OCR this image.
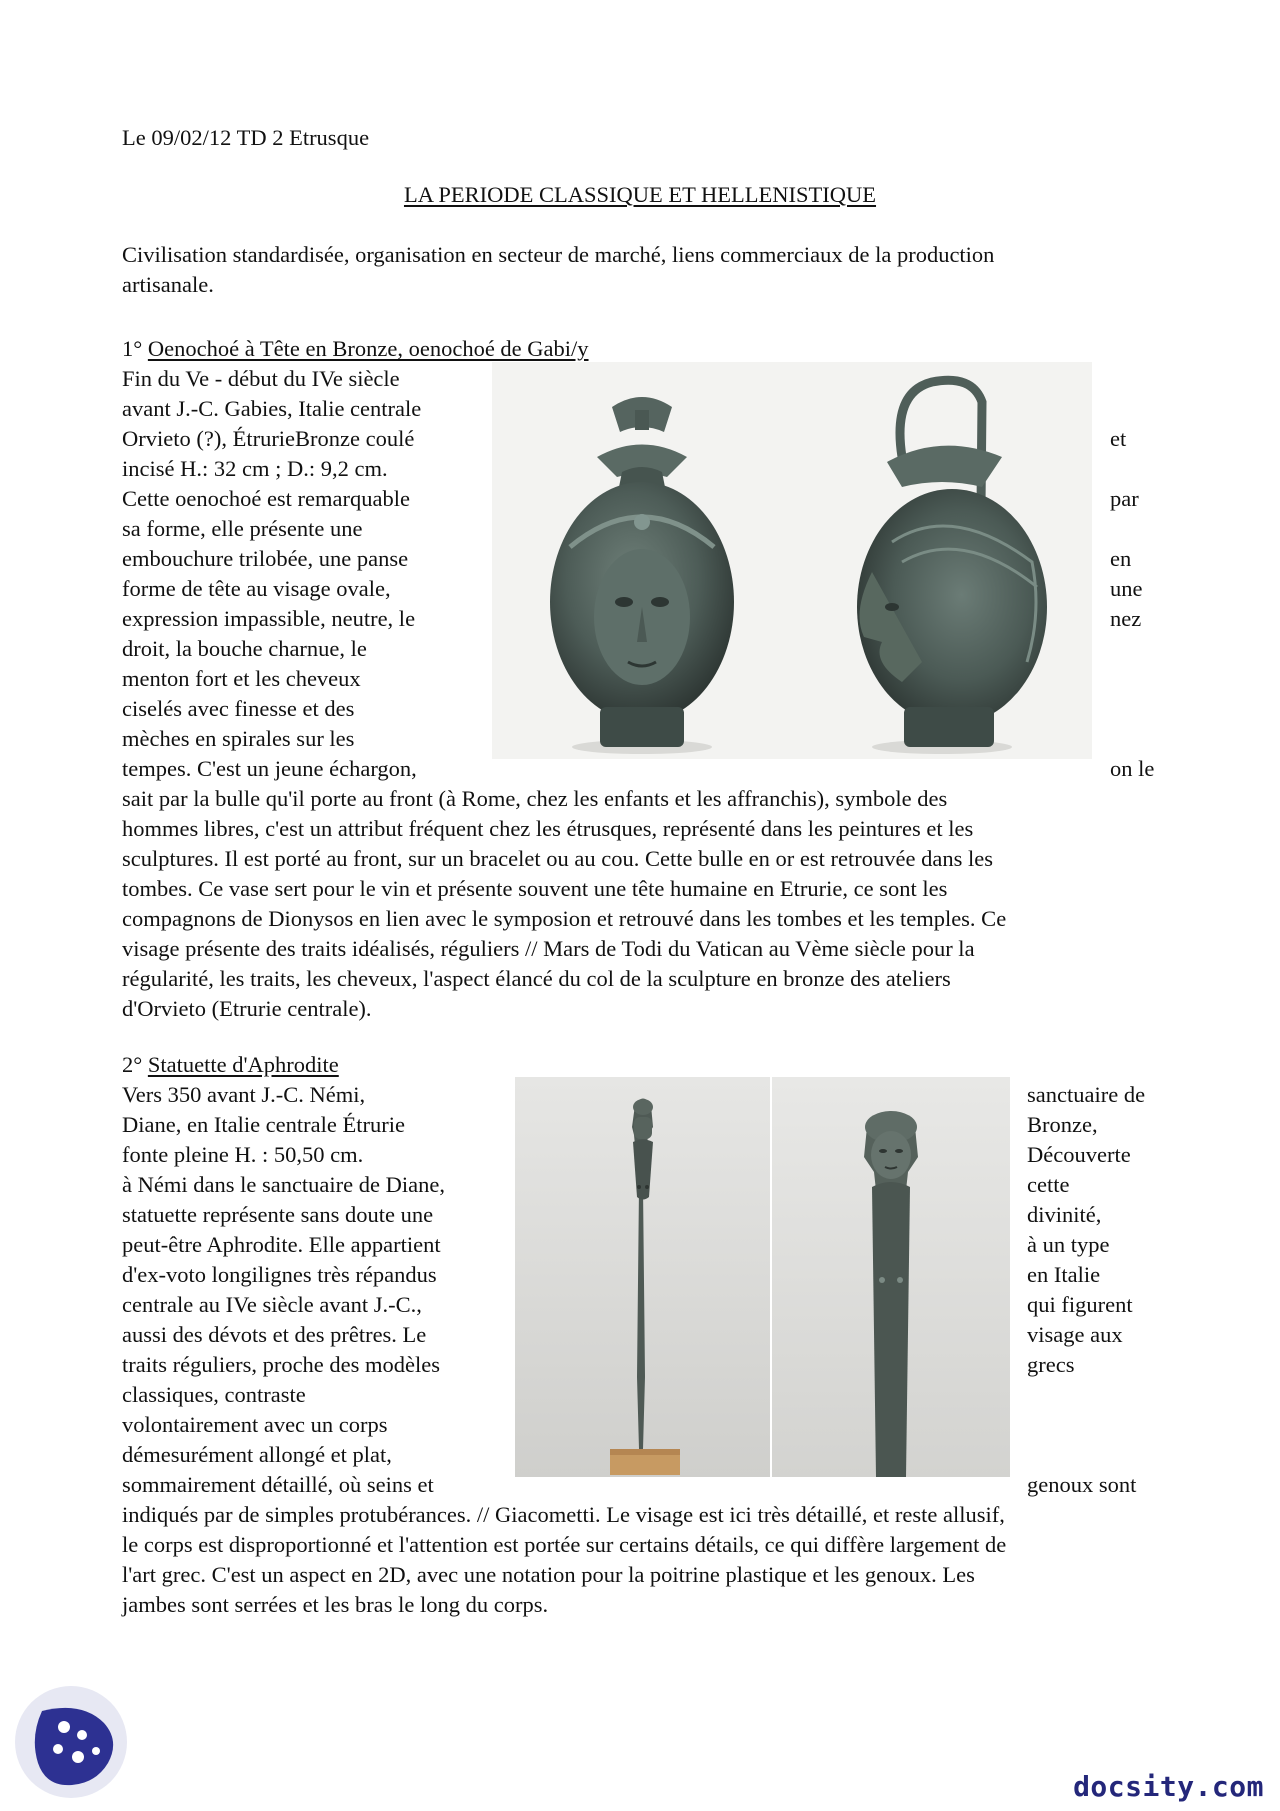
Le 09/02/12 TD 2 Etrusque

LA PERIODE CLASSIQUE ET HELLENISTIQUE

Civilisation standardisée, organisation en secteur de marché, liens commerciaux de la production

artisanale.

1° Oenochoé à Tête en Bronze, oenochoé de Gabi/y

Fin du Ve - début du IVe siècle

avant J.-C. Gabies, Italie centrale

Orvieto (?), ÉtrurieBronze coulé

incisé H.: 32 cm ; D.: 9,2 cm.

Cette oenochoé est remarquable

sa forme, elle présente une

embouchure trilobée, une panse

forme de tête au visage ovale,

expression impassible, neutre, le

droit, la bouche charnue, le

menton fort et les cheveux

ciselés avec finesse et des

mèches en spirales sur les

tempes. C'est un jeune échargon,

et

par

en

une

nez

on le

sait par la bulle qu'il porte au front (à Rome, chez les enfants et les affranchis), symbole des

hommes libres, c'est un attribut fréquent chez les étrusques, représenté dans les peintures et les

sculptures. Il est porté au front, sur un bracelet ou au cou. Cette bulle en or est retrouvée dans les

tombes. Ce vase sert pour le vin et présente souvent une tête humaine en Etrurie, ce sont les

compagnons de Dionysos en lien avec le symposion et retrouvé dans les tombes et les temples. Ce

visage présente des traits idéalisés, réguliers // Mars de Todi du Vatican au Vème siècle pour la

régularité, les traits, les cheveux, l'aspect élancé du col de la sculpture en bronze des ateliers

d'Orvieto (Etrurie centrale).

2° Statuette d'Aphrodite

Vers 350 avant J.-C. Némi,

Diane, en Italie centrale Étrurie

fonte pleine H. : 50,50 cm.

à Némi dans le sanctuaire de Diane,

statuette représente sans doute une

peut-être Aphrodite. Elle appartient

d'ex-voto longilignes très répandus

centrale au IVe siècle avant J.-C.,

aussi des dévots et des prêtres. Le

traits réguliers, proche des modèles

classiques, contraste

volontairement avec un corps

démesurément allongé et plat,

sommairement détaillé, où seins et

sanctuaire de

Bronze,

Découverte

cette

divinité,

à un type

en Italie

qui figurent

visage aux

grecs

genoux sont

indiqués par de simples protubérances. // Giacometti. Le visage est ici très détaillé, et reste allusif,

le corps est disproportionné et l'attention est portée sur certains détails, ce qui diffère largement de

l'art grec. C'est un aspect en 2D, avec une notation pour la poitrine plastique et les genoux. Les

jambes sont serrées et les bras le long du corps.

docsity.com
